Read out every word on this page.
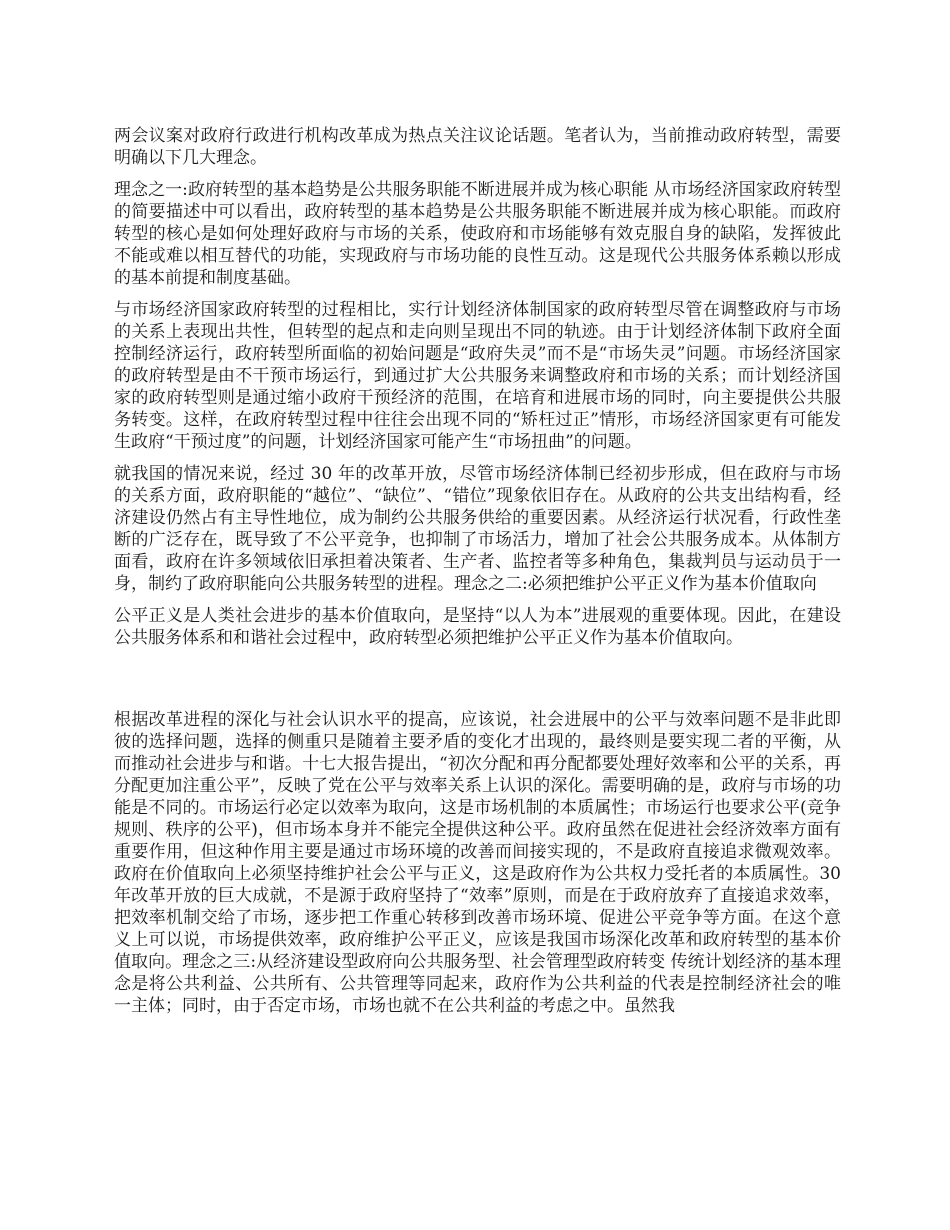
两会议案对政府行政进行机构改革成为热点关注议论话题。笔者认为，当前推动政府转型，需要明确以下几大理念。

理念之一:政府转型的基本趋势是公共服务职能不断进展并成为核心职能 从市场经济国家政府转型的简要描述中可以看出，政府转型的基本趋势是公共服务职能不断进展并成为核心职能。而政府转型的核心是如何处理好政府与市场的关系，使政府和市场能够有效克服自身的缺陷，发挥彼此不能或难以相互替代的功能，实现政府与市场功能的良性互动。这是现代公共服务体系赖以形成的基本前提和制度基础。

与市场经济国家政府转型的过程相比，实行计划经济体制国家的政府转型尽管在调整政府与市场的关系上表现出共性，但转型的起点和走向则呈现出不同的轨迹。由于计划经济体制下政府全面控制经济运行，政府转型所面临的初始问题是“政府失灵”而不是“市场失灵”问题。市场经济国家的政府转型是由不干预市场运行，到通过扩大公共服务来调整政府和市场的关系；而计划经济国家的政府转型则是通过缩小政府干预经济的范围，在培育和进展市场的同时，向主要提供公共服务转变。这样，在政府转型过程中往往会出现不同的“矫枉过正”情形，市场经济国家更有可能发生政府“干预过度”的问题，计划经济国家可能产生“市场扭曲”的问题。

就我国的情况来说，经过 30 年的改革开放，尽管市场经济体制已经初步形成，但在政府与市场的关系方面，政府职能的“越位”、“缺位”、“错位”现象依旧存在。从政府的公共支出结构看，经济建设仍然占有主导性地位，成为制约公共服务供给的重要因素。从经济运行状况看，行政性垄断的广泛存在，既导致了不公平竞争，也抑制了市场活力，增加了社会公共服务成本。从体制方面看，政府在许多领域依旧承担着决策者、生产者、监控者等多种角色，集裁判员与运动员于一身，制约了政府职能向公共服务转型的进程。理念之二:必须把维护公平正义作为基本价值取向

公平正义是人类社会进步的基本价值取向，是坚持“以人为本”进展观的重要体现。因此，在建设公共服务体系和和谐社会过程中，政府转型必须把维护公平正义作为基本价值取向。

根据改革进程的深化与社会认识水平的提高，应该说，社会进展中的公平与效率问题不是非此即彼的选择问题，选择的侧重只是随着主要矛盾的变化才出现的，最终则是要实现二者的平衡，从而推动社会进步与和谐。十七大报告提出，“初次分配和再分配都要处理好效率和公平的关系，再分配更加注重公平”，反映了党在公平与效率关系上认识的深化。需要明确的是，政府与市场的功能是不同的。市场运行必定以效率为取向，这是市场机制的本质属性；市场运行也要求公平(竞争规则、秩序的公平)，但市场本身并不能完全提供这种公平。政府虽然在促进社会经济效率方面有重要作用，但这种作用主要是通过市场环境的改善而间接实现的，不是政府直接追求微观效率。政府在价值取向上必须坚持维护社会公平与正义，这是政府作为公共权力受托者的本质属性。30 年改革开放的巨大成就，不是源于政府坚持了“效率”原则，而是在于政府放弃了直接追求效率，把效率机制交给了市场，逐步把工作重心转移到改善市场环境、促进公平竞争等方面。在这个意义上可以说，市场提供效率，政府维护公平正义，应该是我国市场深化改革和政府转型的基本价值取向。理念之三:从经济建设型政府向公共服务型、社会管理型政府转变 传统计划经济的基本理念是将公共利益、公共所有、公共管理等同起来，政府作为公共利益的代表是控制经济社会的唯一主体；同时，由于否定市场，市场也就不在公共利益的考虑之中。虽然我
